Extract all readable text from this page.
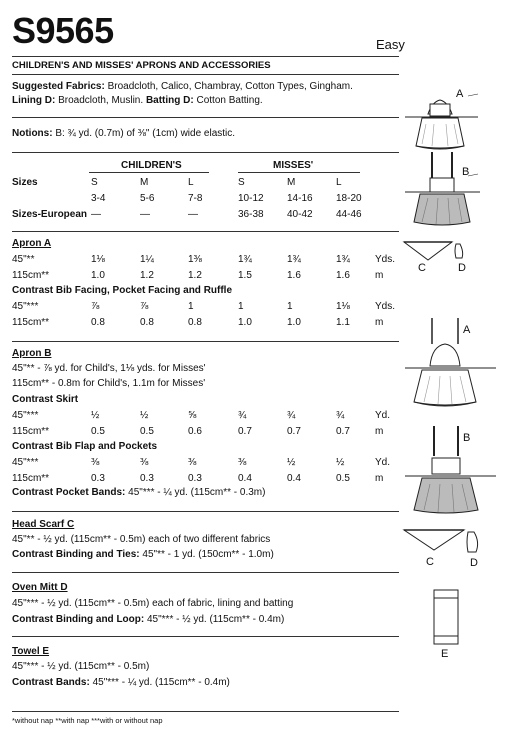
S9565	Easy
CHILDREN'S AND MISSES' APRONS AND ACCESSORIES
Suggested Fabrics: Broadcloth, Calico, Chambray, Cotton Types, Gingham.
Lining D: Broadcloth, Muslin. Batting D: Cotton Batting.
Notions: B: ¾ yd. (0.7m) of ⅜" (1cm) wide elastic.
CHILDREN'S	MISSES'
Sizes	S	M	L	S	M	L
3-4	5-6	7-8	10-12 14-16 18-20
Sizes-European —	—	—	36-38 40-42 44-46
Apron A
45"**	1⅛	1¼	1⅜	1¾	1¾	1¾	Yds.
115cm**	1.0	1.2	1.2	1.5	1.6	1.6	m
Contrast Bib Facing, Pocket Facing and Ruffle
45"***	⅞	⅞	1	1	1	1⅛	Yds.
115cm**	0.8	0.8	0.8	1.0	1.0	1.1	m
Apron B
45"** - ⅞ yd. for Child's, 1⅛ yds. for Misses'
115cm** - 0.8m for Child's, 1.1m for Misses'
Contrast Skirt
45"***	½	½	⅝	¾	¾	¾	Yd.
115cm**	0.5	0.5	0.6	0.7	0.7	0.7	m
Contrast Bib Flap and Pockets
45"***	⅜	⅜	⅜	⅜	½	½	Yd.
115cm**	0.3	0.3	0.3	0.4	0.4	0.5	m
Contrast Pocket Bands: 45"*** - ¼ yd. (115cm** - 0.3m)
Head Scarf C
45"** - ½ yd. (115cm** - 0.5m) each of two different fabrics
Contrast Binding and Ties: 45"** - 1 yd. (150cm** - 1.0m)
Oven Mitt D
45"*** - ½ yd. (115cm** - 0.5m) each of fabric, lining and batting
Contrast Binding and Loop: 45"*** - ½ yd. (115cm** - 0.4m)
Towel E
45"*** - ½ yd. (115cm** - 0.5m)
Contrast Bands: 45"*** - ¼ yd. (115cm** - 0.4m)
*without nap **with nap ***with or without nap
A
B
C	D
A
B
C	D
E
